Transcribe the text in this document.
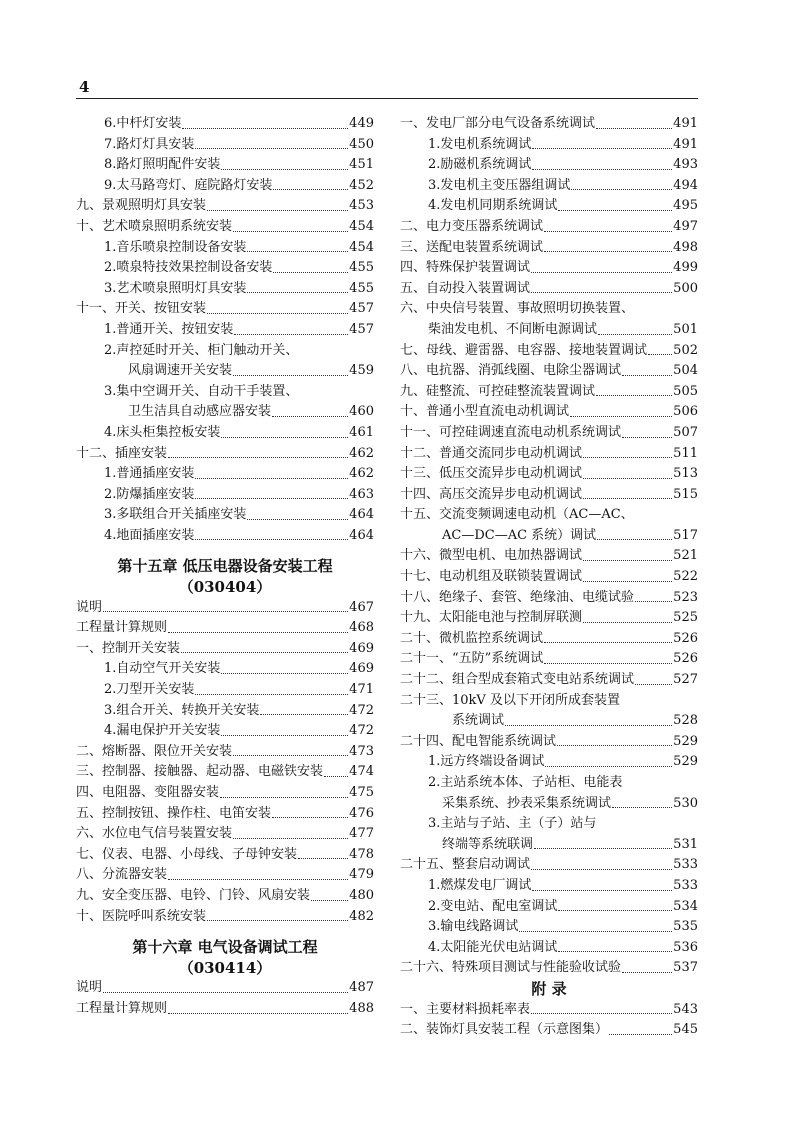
4
6.中杆灯安装	449
7.路灯灯具安装	450
8.路灯照明配件安装	451
9.太马路弯灯、庭院路灯安装	452
九、景观照明灯具安装	453
十、艺术喷泉照明系统安装	454
1.音乐喷泉控制设备安装	454
2.喷泉特技效果控制设备安装	455
3.艺术喷泉照明灯具安装	455
十一、开关、按钮安装	457
1.普通开关、按钮安装	457
2.声控延时开关、柜门触动开关、
风扇调速开关安装	459
3.集中空调开关、自动干手装置、
卫生洁具自动感应器安装	460
4.床头柜集控板安装	461
十二、插座安装	462
1.普通插座安装	462
2.防爆插座安装	463
3.多联组合开关插座安装	464
4.地面插座安装	464
第十五章 低压电器设备安装工程
（030404）
说明	467
工程量计算规则	468
一、控制开关安装	469
1.自动空气开关安装	469
2.刀型开关安装	471
3.组合开关、转换开关安装	472
4.漏电保护开关安装	472
二、熔断器、限位开关安装	473
三、控制器、接触器、起动器、电磁铁安装 474
四、电阻器、变阻器安装	475
五、控制按钮、操作柱、电笛安装	476
六、水位电气信号装置安装	477
七、仪表、电器、小母线、子母钟安装	478
八、分流器安装	479
九、安全变压器、电铃、门铃、风扇安装	480
十、医院呼叫系统安装	482
第十六章 电气设备调试工程
（030414）
说明	487
工程量计算规则	488
一、发电厂部分电气设备系统调试	491
1.发电机系统调试	491
2.励磁机系统调试	493
3.发电机主变压器组调试	494
4.发电机同期系统调试	495
二、电力变压器系统调试	497
三、送配电装置系统调试	498
四、特殊保护装置调试	499
五、自动投入装置调试	500
六、中央信号装置、事故照明切换装置、
柴油发电机、不间断电源调试	501
七、母线、避雷器、电容器、接地装置调试 502
八、电抗器、消弧线圈、电除尘器调试	504
九、硅整流、可控硅整流装置调试	505
十、普通小型直流电动机调试	506
十一、可控硅调速直流电动机系统调试	507
十二、普通交流同步电动机调试	511
十三、低压交流异步电动机调试	513
十四、高压交流异步电动机调试	515
十五、交流变频调速电动机（AC—AC、
AC—DC—AC 系统）调试	517
十六、微型电机、电加热器调试	521
十七、电动机组及联锁装置调试	522
十八、绝缘子、套管、绝缘油、电缆试验	523
十九、太阳能电池与控制屏联测	525
二十、微机监控系统调试	526
二十一、“五防”系统调试	526
二十二、组合型成套箱式变电站系统调试	527
二十三、10kV 及以下开闭所成套装置
系统调试	528
二十四、配电智能系统调试	529
1.远方终端设备调试	529
2.主站系统本体、子站柜、电能表
采集系统、抄表采集系统调试	530
3.主站与子站、主（子）站与
终端等系统联调	531
二十五、整套启动调试	533
1.燃煤发电厂调试	533
2.变电站、配电室调试	534
3.输电线路调试	535
4.太阳能光伏电站调试	536
二十六、特殊项目测试与性能验收试验	537
附 录
一、主要材料损耗率表	543
二、装饰灯具安装工程（示意图集）	545
